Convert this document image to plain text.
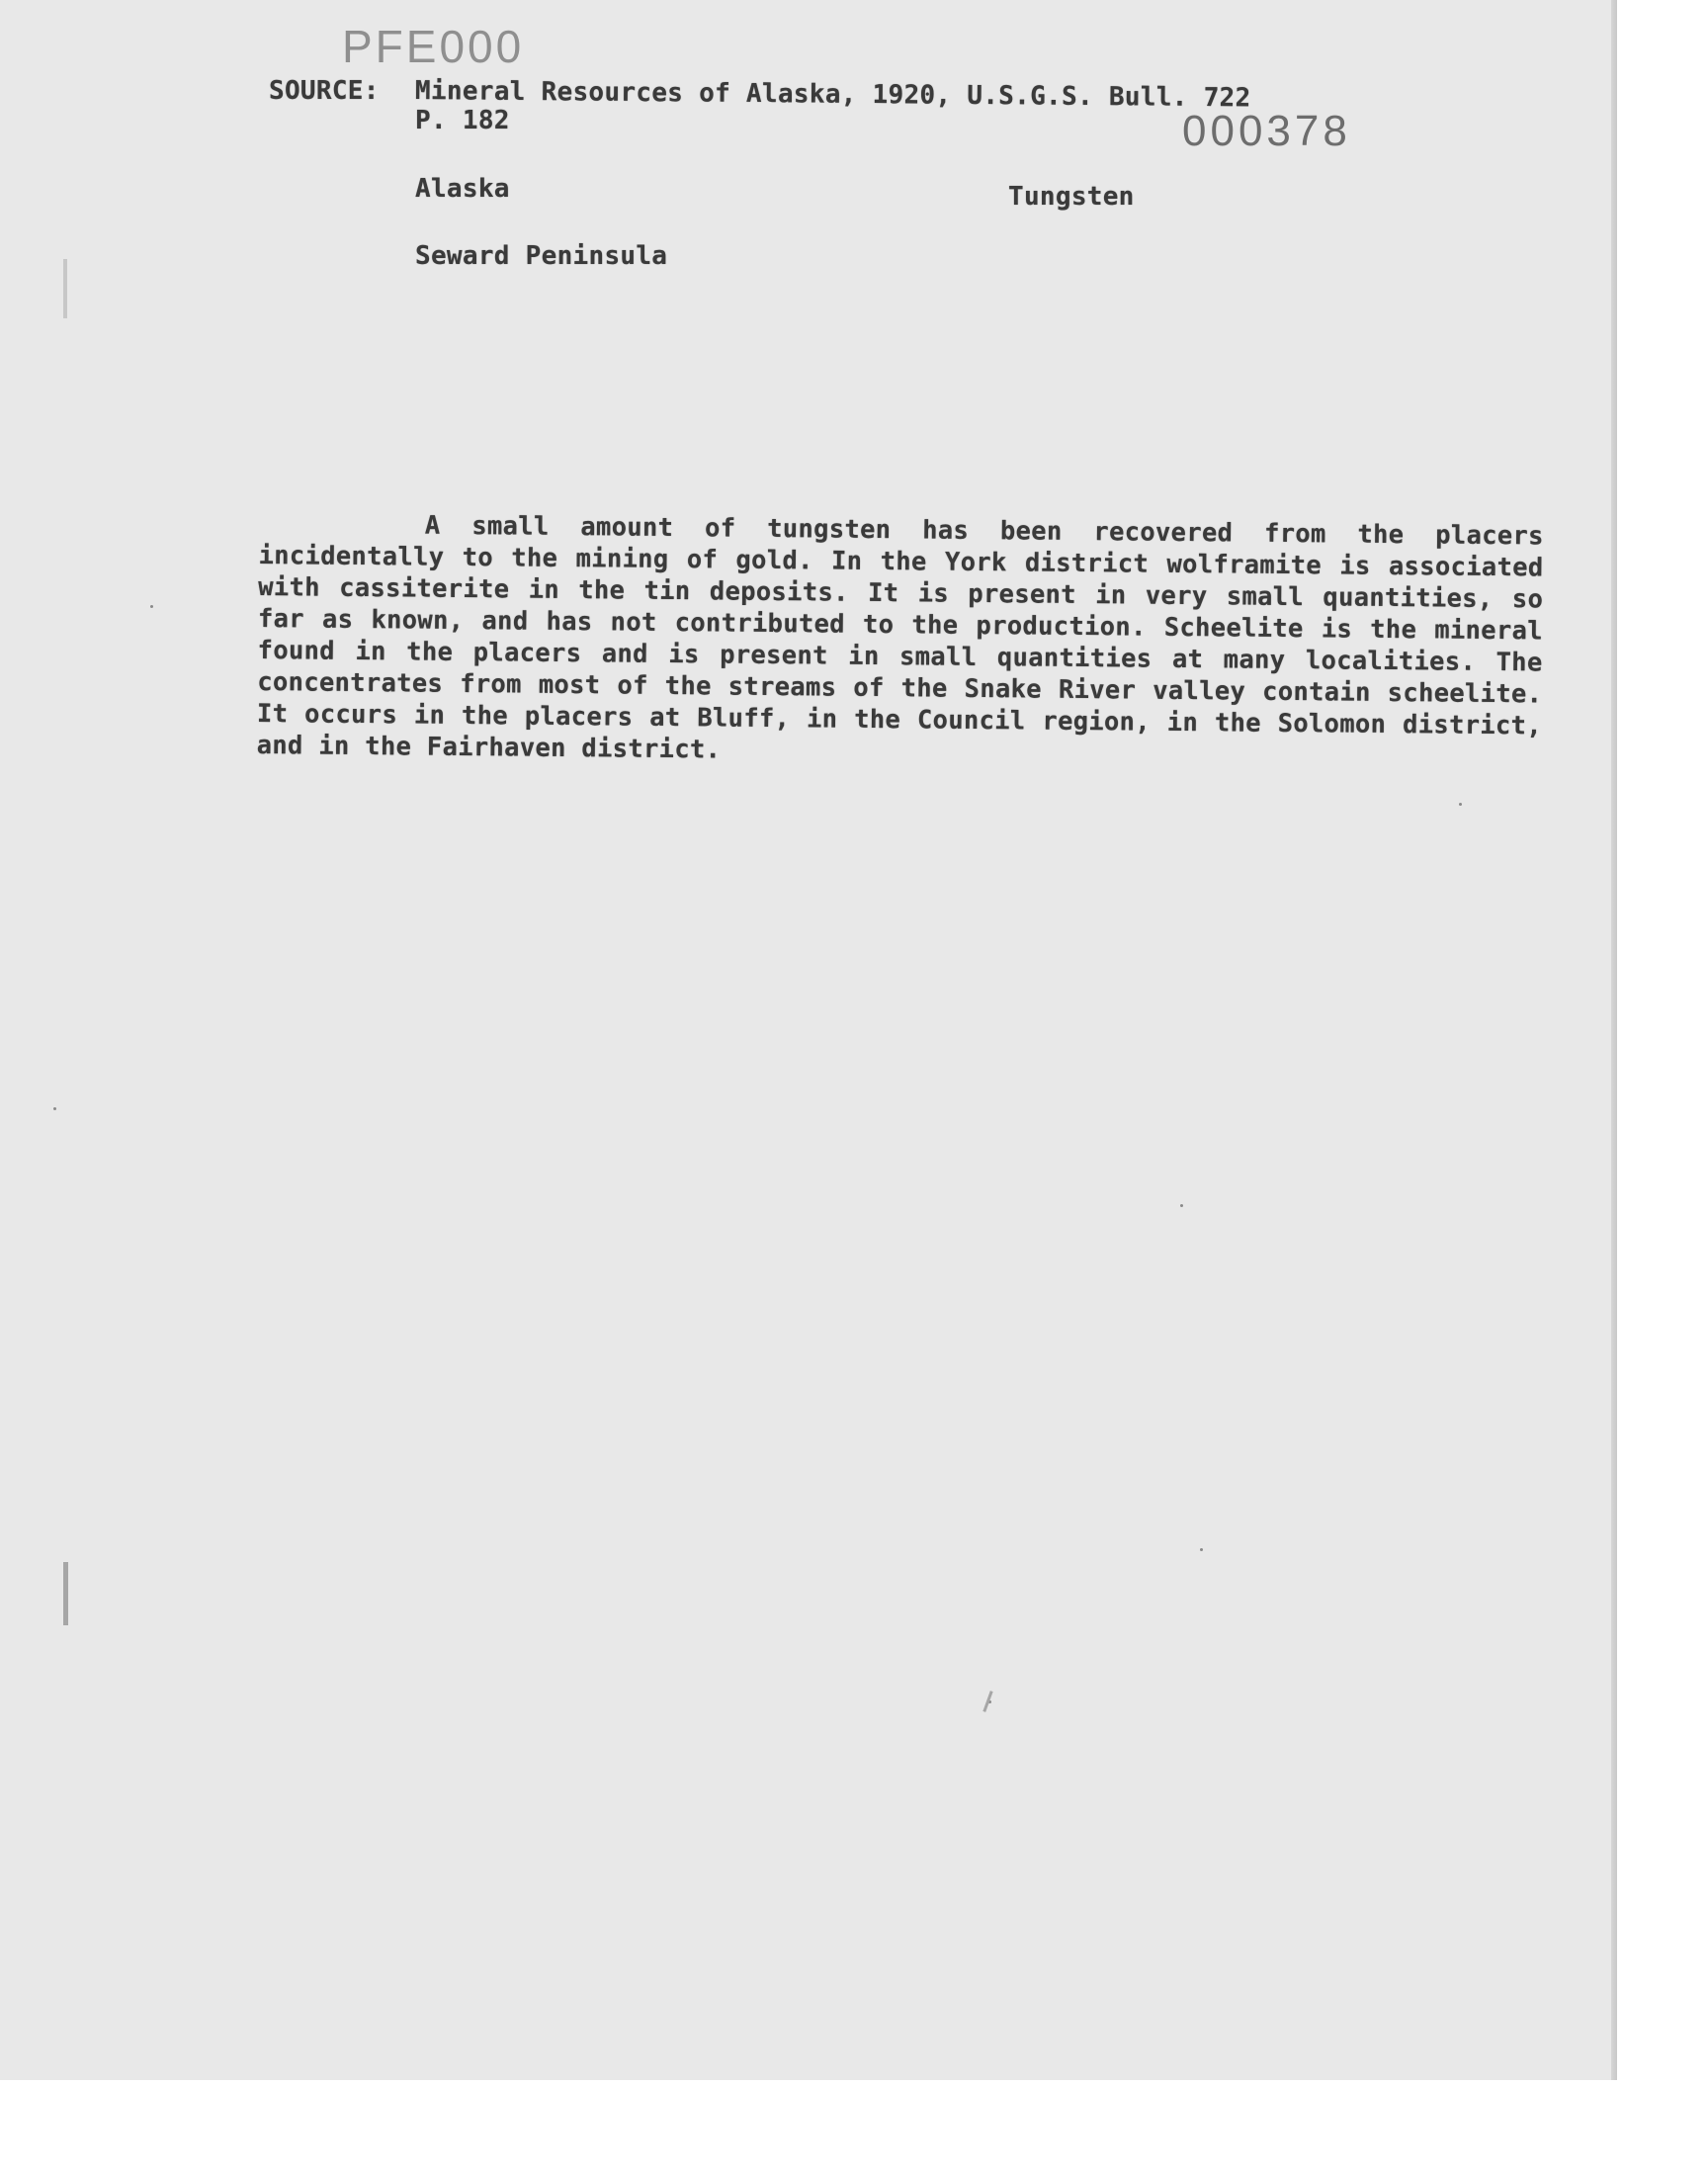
PFE000
SOURCE: Mineral Resources of Alaska, 1920, U.S.G.S. Bull. 722
P. 182	000378
Alaska	Tungsten
Seward Peninsula

A small amount of tungsten has been recovered from the placers incidentally to the mining of gold. In the York district wolframite is associated with cassiterite in the tin deposits. It is present in very small quantities, so far as known, and has not contributed to the production. Scheelite is the mineral found in the placers and is present in small quantities at many localities. The concentrates from most of the streams of the Snake River valley contain scheelite. It occurs in the placers at Bluff, in the Council region, in the Solomon district, and in the Fairhaven district.
